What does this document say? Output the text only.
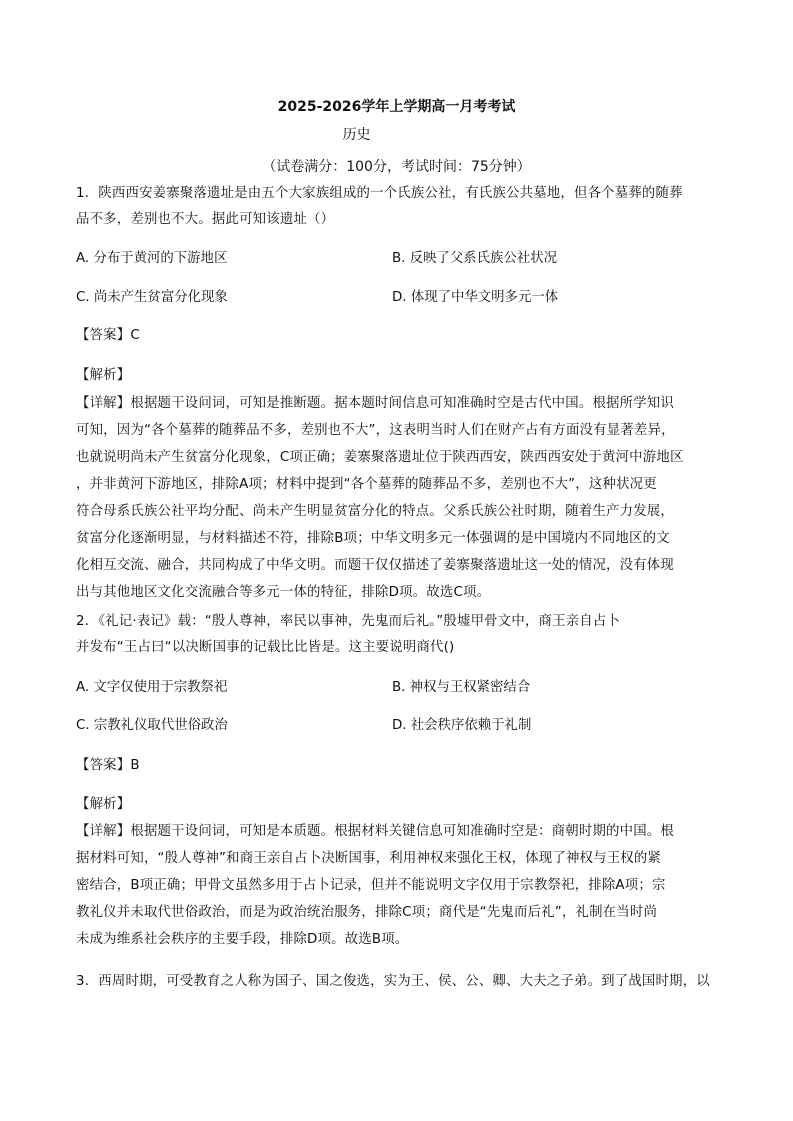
2025-2026学年上学期高一月考考试
历史
（试卷满分：100分，考试时间：75分钟）
1．陕西西安姜寨聚落遗址是由五个大家族组成的一个氏族公社，有氏族公共墓地，但各个墓葬的随葬
品不多，差别也不大。据此可知该遗址（）
A. 分布于黄河的下游地区	B. 反映了父系氏族公社状况
C. 尚未产生贫富分化现象	D. 体现了中华文明多元一体
【答案】C
【解析】
【详解】根据题干设问词，可知是推断题。据本题时间信息可知准确时空是古代中国。根据所学知识
可知，因为“各个墓葬的随葬品不多，差别也不大”，这表明当时人们在财产占有方面没有显著差异，
也就说明尚未产生贫富分化现象，C项正确；姜寨聚落遗址位于陕西西安，陕西西安处于黄河中游地区
，并非黄河下游地区，排除A项；材料中提到“各个墓葬的随葬品不多，差别也不大”，这种状况更
符合母系氏族公社平均分配、尚未产生明显贫富分化的特点。父系氏族公社时期，随着生产力发展，
贫富分化逐渐明显，与材料描述不符，排除B项；中华文明多元一体强调的是中国境内不同地区的文
化相互交流、融合，共同构成了中华文明。而题干仅仅描述了姜寨聚落遗址这一处的情况，没有体现
出与其他地区文化交流融合等多元一体的特征，排除D项。故选C项。
2．《礼记·表记》载：“殷人尊神，率民以事神，先鬼而后礼。”殷墟甲骨文中，商王亲自占卜
并发布“王占曰“以决断国事的记载比比皆是。这主要说明商代()
A. 文字仅使用于宗教祭祀	B. 神权与王权紧密结合
C. 宗教礼仪取代世俗政治	D. 社会秩序依赖于礼制
【答案】B
【解析】
【详解】根据题干设问词，可知是本质题。根据材料关键信息可知准确时空是：商朝时期的中国。根
据材料可知，“殷人尊神”和商王亲自占卜决断国事，利用神权来强化王权，体现了神权与王权的紧
密结合，B项正确；甲骨文虽然多用于占卜记录，但并不能说明文字仅用于宗教祭祀，排除A项；宗
教礼仪并未取代世俗政治，而是为政治统治服务，排除C项；商代是“先鬼而后礼”，礼制在当时尚
未成为维系社会秩序的主要手段，排除D项。故选B项。
3．西周时期，可受教育之人称为国子、国之俊选，实为王、侯、公、卿、大夫之子弟。到了战国时期，以
